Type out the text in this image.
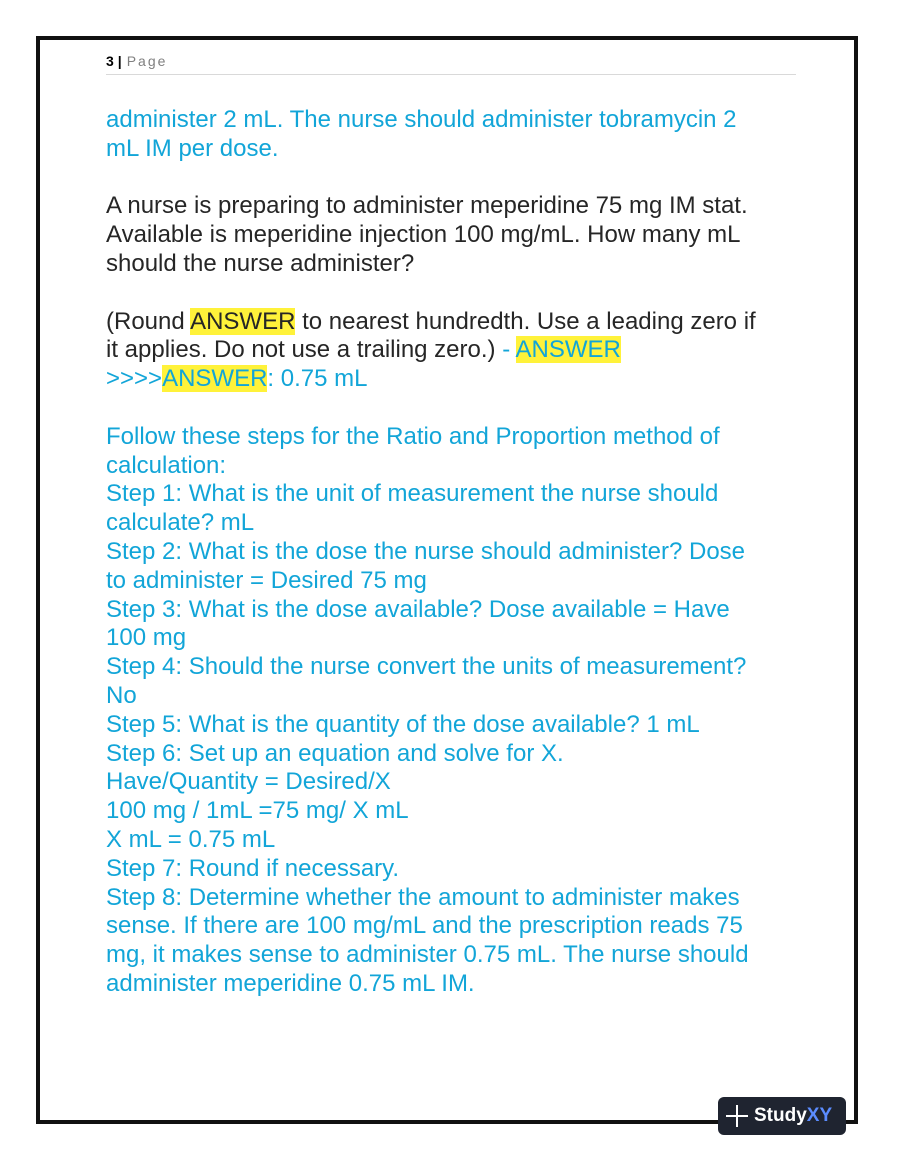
3 | Page

administer 2 mL. The nurse should administer tobramycin 2

mL IM per dose.

A nurse is preparing to administer meperidine 75 mg IM stat.

Available is meperidine injection 100 mg/mL. How many mL

should the nurse administer?

(Round ANSWER to nearest hundredth. Use a leading zero if

it applies. Do not use a trailing zero.) - ANSWER

>>>>ANSWER: 0.75 mL

Follow these steps for the Ratio and Proportion method of

calculation:

Step 1: What is the unit of measurement the nurse should

calculate? mL

Step 2: What is the dose the nurse should administer? Dose

to administer = Desired 75 mg

Step 3: What is the dose available? Dose available = Have

100 mg

Step 4: Should the nurse convert the units of measurement?

No

Step 5: What is the quantity of the dose available? 1 mL

Step 6: Set up an equation and solve for X.

Have/Quantity = Desired/X

100 mg / 1mL =75 mg/ X mL

X mL = 0.75 mL

Step 7: Round if necessary.

Step 8: Determine whether the amount to administer makes

sense. If there are 100 mg/mL and the prescription reads 75

mg, it makes sense to administer 0.75 mL. The nurse should

administer meperidine 0.75 mL IM.

StudyXY
